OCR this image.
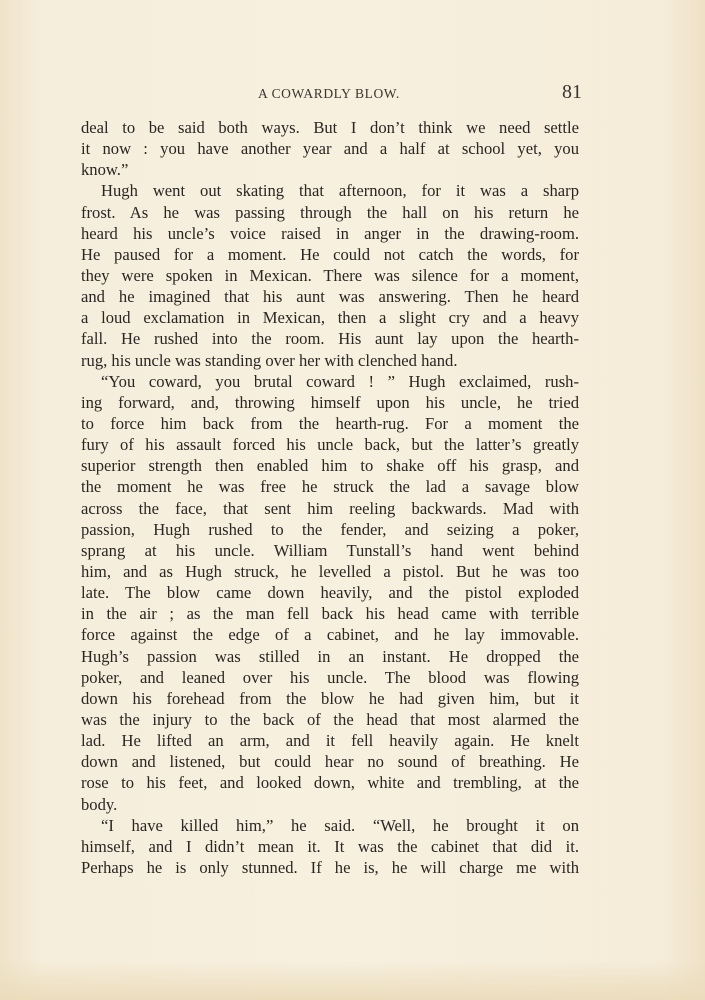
A COWARDLY BLOW.	81
deal to be said both ways. But I don’t think we need settle
it now : you have another year and a half at school yet, you
know.”
Hugh went out skating that afternoon, for it was a sharp
frost. As he was passing through the hall on his return he
heard his uncle’s voice raised in anger in the drawing-room.
He paused for a moment. He could not catch the words, for
they were spoken in Mexican. There was silence for a moment,
and he imagined that his aunt was answering. Then he heard
a loud exclamation in Mexican, then a slight cry and a heavy
fall. He rushed into the room. His aunt lay upon the hearth-
rug, his uncle was standing over her with clenched hand.
“You coward, you brutal coward ! ” Hugh exclaimed, rush-
ing forward, and, throwing himself upon his uncle, he tried
to force him back from the hearth-rug. For a moment the
fury of his assault forced his uncle back, but the latter’s greatly
superior strength then enabled him to shake off his grasp, and
the moment he was free he struck the lad a savage blow
across the face, that sent him reeling backwards. Mad with
passion, Hugh rushed to the fender, and seizing a poker,
sprang at his uncle. William Tunstall’s hand went behind
him, and as Hugh struck, he levelled a pistol. But he was too
late. The blow came down heavily, and the pistol exploded
in the air ; as the man fell back his head came with terrible
force against the edge of a cabinet, and he lay immovable.
Hugh’s passion was stilled in an instant. He dropped the
poker, and leaned over his uncle. The blood was flowing
down his forehead from the blow he had given him, but it
was the injury to the back of the head that most alarmed the
lad. He lifted an arm, and it fell heavily again. He knelt
down and listened, but could hear no sound of breathing. He
rose to his feet, and looked down, white and trembling, at the
body.
“I have killed him,” he said. “Well, he brought it on
himself, and I didn’t mean it. It was the cabinet that did it.
Perhaps he is only stunned. If he is, he will charge me with
